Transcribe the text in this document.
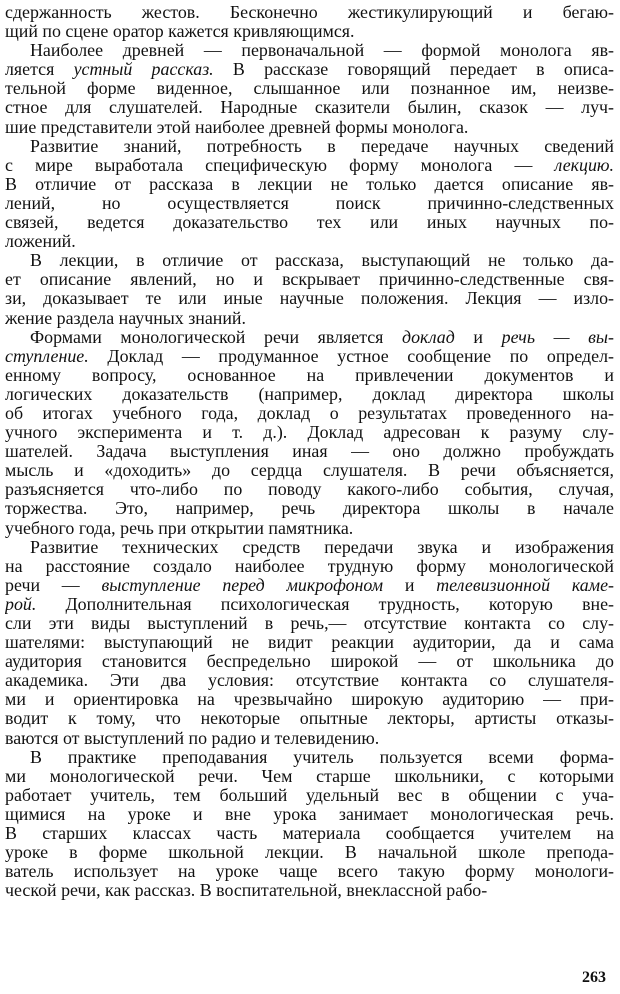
сдержанность жестов. Бесконечно жестикулирующий и бегаю-
щий по сцене оратор кажется кривляющимся.
Наиболее древней — первоначальной — формой монолога яв-
ляется устный рассказ. В рассказе говорящий передает в описа-
тельной форме виденное, слышанное или познанное им, неизве-
стное для слушателей. Народные сказители былин, сказок — луч-
шие представители этой наиболее древней формы монолога.
Развитие знаний, потребность в передаче научных сведений
с мире выработала специфическую форму монолога — лекцию.
В отличие от рассказа в лекции не только дается описание яв-
лений, но осуществляется поиск причинно-следственных
связей, ведется доказательство тех или иных научных по-
ложений.
В лекции, в отличие от рассказа, выступающий не только да-
ет описание явлений, но и вскрывает причинно-следственные свя-
зи, доказывает те или иные научные положения. Лекция — изло-
жение раздела научных знаний.
Формами монологической речи является доклад и речь — вы-
ступление. Доклад — продуманное устное сообщение по определ-
енному вопросу, основанное на привлечении документов и
логических доказательств (например, доклад директора школы
об итогах учебного года, доклад о результатах проведенного на-
учного эксперимента и т. д.). Доклад адресован к разуму слу-
шателей. Задача выступления иная — оно должно пробуждать
мысль и «доходить» до сердца слушателя. В речи объясняется,
разъясняется что-либо по поводу какого-либо события, случая,
торжества. Это, например, речь директора школы в начале
учебного года, речь при открытии памятника.
Развитие технических средств передачи звука и изображения
на расстояние создало наиболее трудную форму монологической
речи — выступление перед микрофоном и телевизионной каме-
рой. Дополнительная психологическая трудность, которую вне-
сли эти виды выступлений в речь,— отсутствие контакта со слу-
шателями: выступающий не видит реакции аудитории, да и сама
аудитория становится беспредельно широкой — от школьника до
академика. Эти два условия: отсутствие контакта со слушателя-
ми и ориентировка на чрезвычайно широкую аудиторию — при-
водит к тому, что некоторые опытные лекторы, артисты отказы-
ваются от выступлений по радио и телевидению.
В практике преподавания учитель пользуется всеми форма-
ми монологической речи. Чем старше школьники, с которыми
работает учитель, тем больший удельный вес в общении с уча-
щимися на уроке и вне урока занимает монологическая речь.
В старших классах часть материала сообщается учителем на
уроке в форме школьной лекции. В начальной школе препода-
ватель использует на уроке чаще всего такую форму монологи-
ческой речи, как рассказ. В воспитательной, внеклассной рабо-
263
